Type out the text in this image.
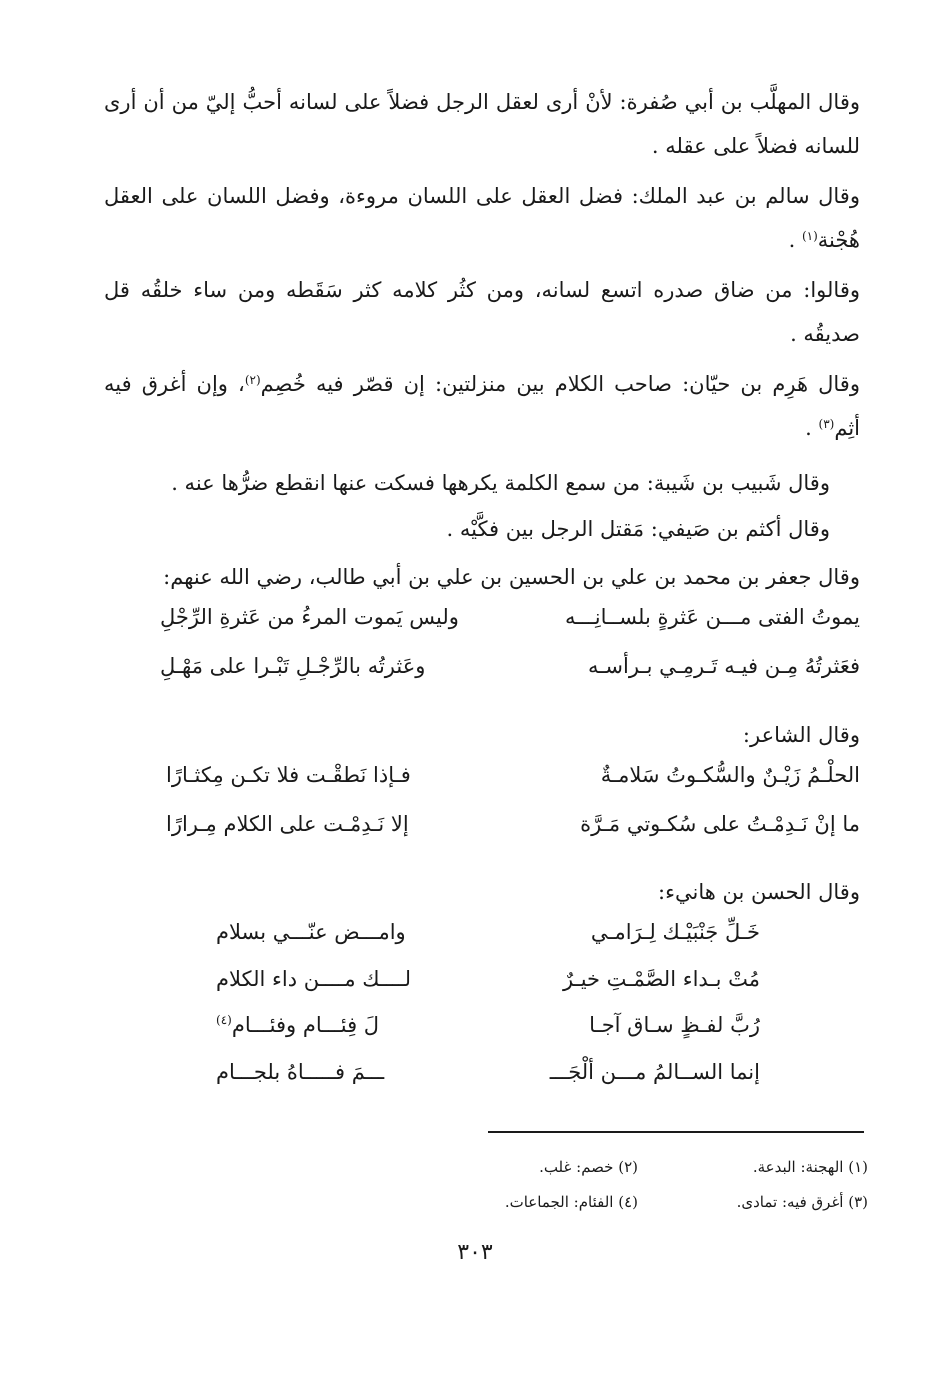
وقال المهلَّب بن أبي صُفرة: لأنْ أرى لعقل الرجل فضلاً على لسانه أحبُّ إليّ من أن أرى للسانه فضلاً على عقله .

وقال سالم بن عبد الملك: فضل العقل على اللسان مروءة، وفضل اللسان على العقل هُجْنة$^{(١)}$ .

وقالوا: من ضاق صدره اتسع لسانه، ومن كثُر كلامه كثر سَقَطه ومن ساء خلقُه قل صديقُه .

وقال هَرِم بن حيّان: صاحب الكلام بين منزلتين: إن قصّر فيه خُصِم$^{(٢)}$، وإن أغرق فيه أثِم$^{(٣)}$ .

وقال شَبيب بن شَيبة: من سمع الكلمة يكرهها فسكت عنها انقطع ضرُّها عنه .
وقال أكثم بن صَيفي: مَقتل الرجل بين فكَّيْه .
وقال جعفر بن محمد بن علي بن الحسين بن علي بن أبي طالب، رضي الله عنهم:
يموتُ الفتى مـــن عَثرةٍ بلســانِـــه
وليس يَموت المرءُ من عَثرةِ الرِّجْلِ
فعَثرتُهُ مِـن فيـه تَـرمِـي بـرأسـه
وعَثرتُه بالرِّجْـلِ تَبْـرا على مَهْـلِ
وقال الشاعر:
الحلْـمُ زَيْـنٌ والسُّكـوتُ سَلامـةٌ
فـإذا نَطقْـت فلا تكـن مِكثـارًا
ما إنْ نَـدِمْـتُ على سُكـوتي مَـرَّة
إلا نَـدِمْـت على الكلام مِـرارًا
وقال الحسن بن هانيء:
خَـلِّ جَنْبَيْـك لِـرَامـي
وامـــض عنّـــي بسلام
مُتْ بـداء الصَّمْـتِ خيـرٌ
لــــك مــــن داء الكلام
رُبَّ لفـظٍ سـاق آجـا
لَ فِئـــام وفئـــام$^{(٤)}$
إنما الســالمُ مـــن ألْجَـــ
ـــمَ فـــــاهُ بلجـــام
(١) الهجنة: البدعة.
(٢) خصم: غلب.
(٣) أغرق فيه: تمادى.
(٤) الفئام: الجماعات.
٣٠٣
